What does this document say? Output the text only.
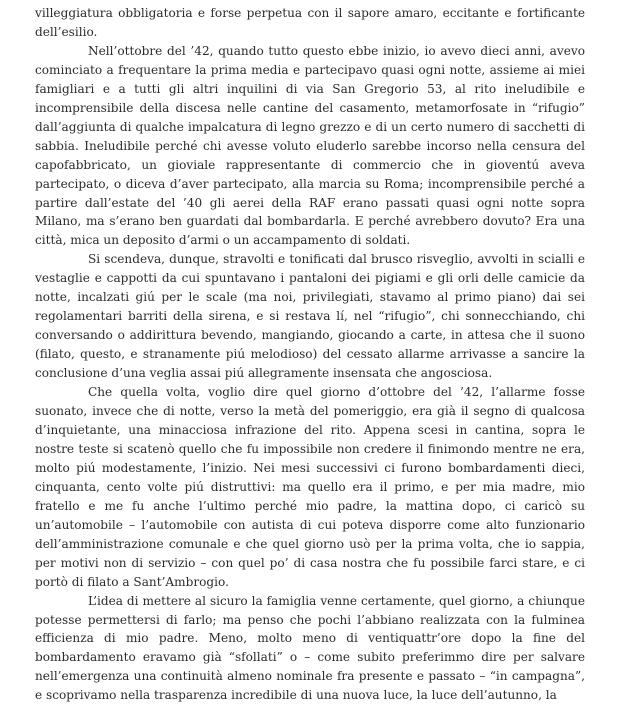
villeggiatura obbligatoria e forse perpetua con il sapore amaro, eccitante e fortificante dell’esilio.

Nell’ottobre del ’42, quando tutto questo ebbe inizio, io avevo dieci anni, avevo cominciato a frequentare la prima media e partecipavo quasi ogni notte, assieme ai miei famigliari e a tutti gli altri inquilini di via San Gregorio 53, al rito ineludibile e incomprensibile della discesa nelle cantine del casamento, metamorfosate in “rifugio” dall’aggiunta di qualche impalcatura di legno grezzo e di un certo numero di sacchetti di sabbia. Ineludibile perché chi avesse voluto eluderlo sarebbe incorso nella censura del capofabbricato, un gioviale rappresentante di commercio che in gioventú aveva partecipato, o diceva d’aver partecipato, alla marcia su Roma; incomprensibile perché a partire dall’estate del ’40 gli aerei della RAF erano passati quasi ogni notte sopra Milano, ma s’erano ben guardati dal bombardarla. E perché avrebbero dovuto? Era una città, mica un deposito d’armi o un accampamento di soldati.

Si scendeva, dunque, stravolti e tonificati dal brusco risveglio, avvolti in scialli e vestaglie e cappotti da cui spuntavano i pantaloni dei pigiami e gli orli delle camicie da notte, incalzati giú per le scale (ma noi, privilegiati, stavamo al primo piano) dai sei regolamentari barriti della sirena, e si restava lí, nel “rifugio”, chi sonnecchiando, chi conversando o addirittura bevendo, mangiando, giocando a carte, in attesa che il suono (filato, questo, e stranamente piú melodioso) del cessato allarme arrivasse a sancire la conclusione d’una veglia assai piú allegramente insensata che angosciosa.

Che quella volta, voglio dire quel giorno d’ottobre del ’42, l’allarme fosse suonato, invece che di notte, verso la metà del pomeriggio, era già il segno di qualcosa d’inquietante, una minacciosa infrazione del rito. Appena scesi in cantina, sopra le nostre teste si scatenò quello che fu impossibile non credere il finimondo mentre ne era, molto piú modestamente, l’inizio. Nei mesi successivi ci furono bombardamenti dieci, cinquanta, cento volte piú distruttivi: ma quello era il primo, e per mia madre, mio fratello e me fu anche l’ultimo perché mio padre, la mattina dopo, ci caricò su un’automobile – l’automobile con autista di cui poteva disporre come alto funzionario dell’amministrazione comunale e che quel giorno usò per la prima volta, che io sappia, per motivi non di servizio – con quel po’ di casa nostra che fu possibile farci stare, e ci portò di filato a Sant’Ambrogio.

L’idea di mettere al sicuro la famiglia venne certamente, quel giorno, a chiunque potesse permettersi di farlo; ma penso che pochi l’abbiano realizzata con la fulminea efficienza di mio padre. Meno, molto meno di ventiquattr’ore dopo la fine del bombardamento eravamo già “sfollati” o – come subito preferimmo dire per salvare nell’emergenza una continuità almeno nominale fra presente e passato – “in campagna”, e scoprivamo nella trasparenza incredibile di una nuova luce, la luce dell’autunno, la
